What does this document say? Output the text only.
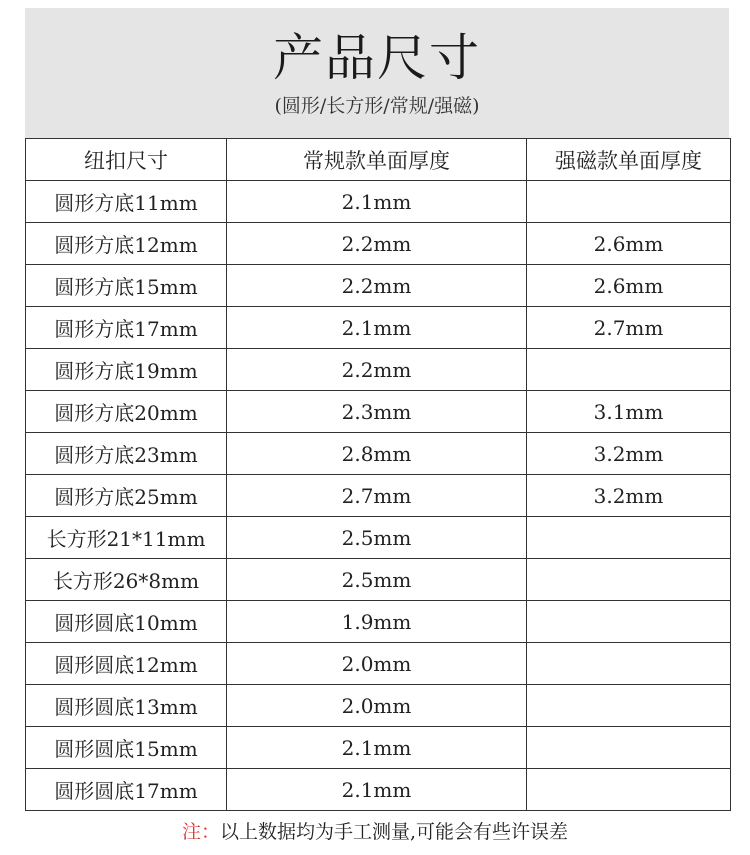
产品尺寸
(圆形/长方形/常规/强磁)
纽扣尺寸	常规款单面厚度	强磁款单面厚度
圆形方底11mm	2.1mm	
圆形方底12mm	2.2mm	2.6mm
圆形方底15mm	2.2mm	2.6mm
圆形方底17mm	2.1mm	2.7mm
圆形方底19mm	2.2mm	
圆形方底20mm	2.3mm	3.1mm
圆形方底23mm	2.8mm	3.2mm
圆形方底25mm	2.7mm	3.2mm
长方形21*11mm	2.5mm	
长方形26*8mm	2.5mm	
圆形圆底10mm	1.9mm	
圆形圆底12mm	2.0mm	
圆形圆底13mm	2.0mm	
圆形圆底15mm	2.1mm	
圆形圆底17mm	2.1mm	
注：以上数据均为手工测量,可能会有些许误差
